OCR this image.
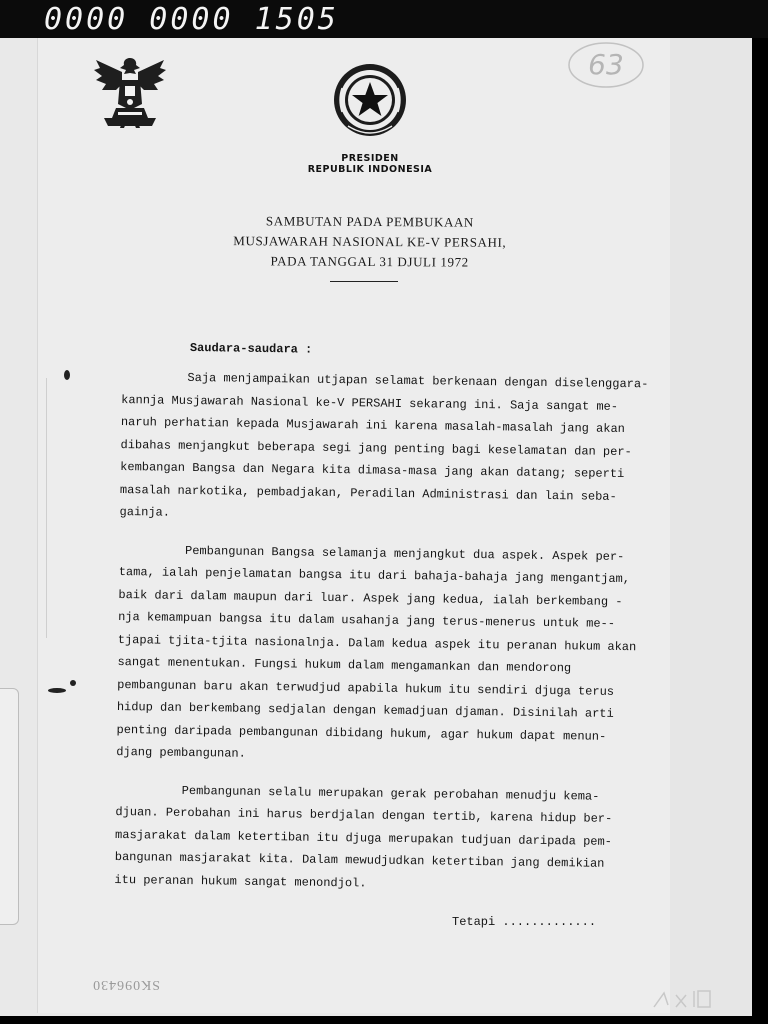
0000 0000 1505
63
PRESIDEN
REPUBLIK INDONESIA
SAMBUTAN PADA PEMBUKAAN
MUSJAWARAH NASIONAL KE-V PERSAHI,
PADA TANGGAL 31 DJULI 1972
Saudara-saudara :
Saja menjampaikan utjapan selamat berkenaan dengan diselenggara-
kannja Musjawarah Nasional ke-V PERSAHI sekarang ini. Saja sangat me-
naruh perhatian kepada Musjawarah ini karena masalah-masalah jang akan
dibahas menjangkut beberapa segi jang penting bagi keselamatan dan per-
kembangan Bangsa dan Negara kita dimasa-masa jang akan datang; seperti
masalah narkotika, pembadjakan, Peradilan Administrasi dan lain seba-
gainja.
Pembangunan Bangsa selamanja menjangkut dua aspek. Aspek per-
tama, ialah penjelamatan bangsa itu dari bahaja-bahaja jang mengantjam,
baik dari dalam maupun dari luar. Aspek jang kedua, ialah berkembang -
nja kemampuan bangsa itu dalam usahanja jang terus-menerus untuk me--
tjapai tjita-tjita nasionalnja. Dalam kedua aspek itu peranan hukum akan
sangat menentukan. Fungsi hukum dalam mengamankan dan mendorong
pembangunan baru akan terwudjud apabila hukum itu sendiri djuga terus
hidup dan berkembang sedjalan dengan kemadjuan djaman. Disinilah arti
penting daripada pembangunan dibidang hukum, agar hukum dapat menun-
djang pembangunan.
Pembangunan selalu merupakan gerak perobahan menudju kema-
djuan. Perobahan ini harus berdjalan dengan tertib, karena hidup ber-
masjarakat dalam ketertiban itu djuga merupakan tudjuan daripada pem-
bangunan masjarakat kita. Dalam mewudjudkan ketertiban jang demikian
itu peranan hukum sangat menondjol.
Tetapi .............
SK096430
